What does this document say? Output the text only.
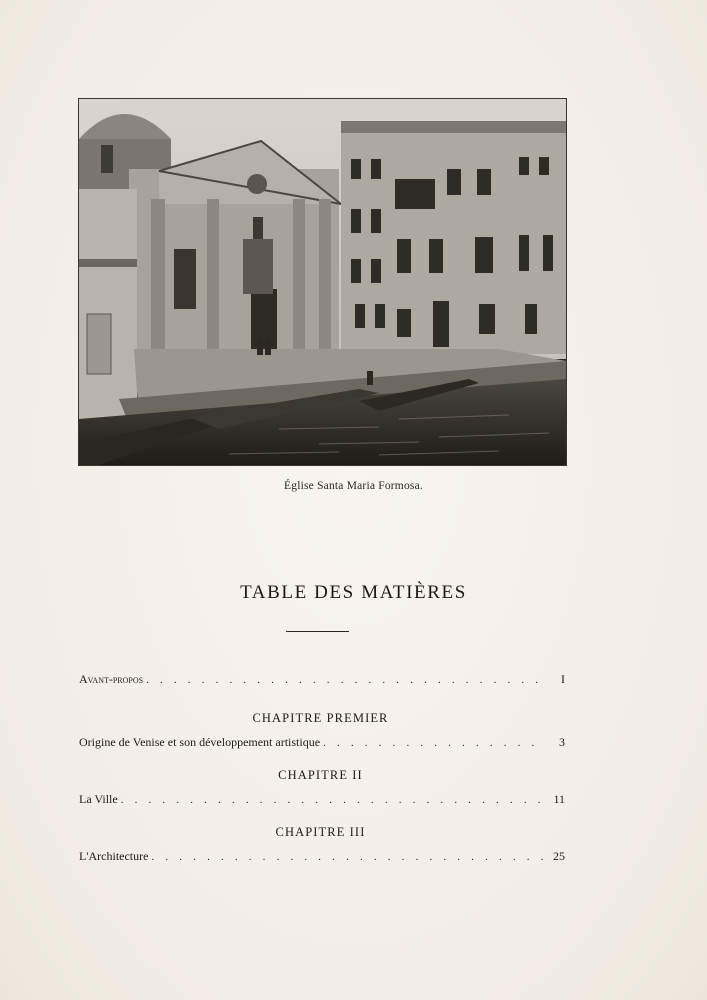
Église Santa Maria Formosa.
TABLE DES MATIÈRES
Avant-propos . . .	I
CHAPITRE PREMIER
Origine de Venise et son développement artistique . . .	3
CHAPITRE II
La Ville . . .	11
CHAPITRE III
L'Architecture . . .	25
